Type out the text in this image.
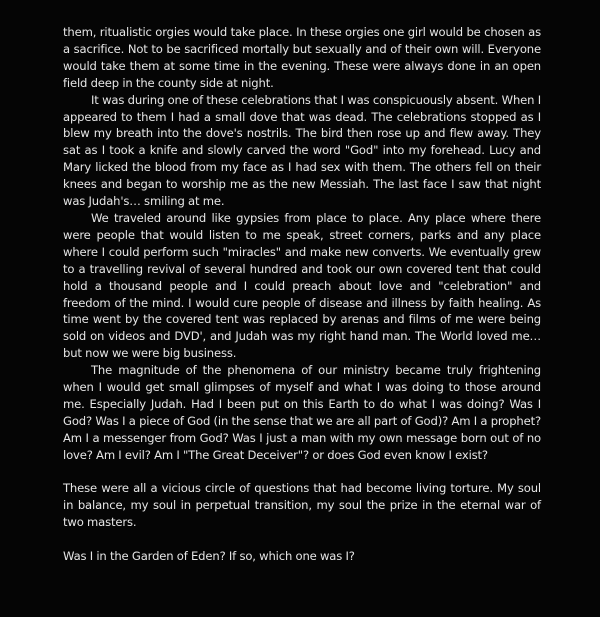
them, ritualistic orgies would take place. In these orgies one girl would be chosen as a sacrifice. Not to be sacrificed mortally but sexually and of their own will. Everyone would take them at some time in the evening. These were always done in an open field deep in the county side at night.

It was during one of these celebrations that I was conspicuously absent. When I appeared to them I had a small dove that was dead. The celebrations stopped as I blew my breath into the dove's nostrils. The bird then rose up and flew away. They sat as I took a knife and slowly carved the word "God" into my forehead. Lucy and Mary licked the blood from my face as I had sex with them. The others fell on their knees and began to worship me as the new Messiah. The last face I saw that night was Judah's… smiling at me.

We traveled around like gypsies from place to place. Any place where there were people that would listen to me speak, street corners, parks and any place where I could perform such "miracles" and make new converts. We eventually grew to a travelling revival of several hundred and took our own covered tent that could hold a thousand people and I could preach about love and "celebration" and freedom of the mind. I would cure people of disease and illness by faith healing. As time went by the covered tent was replaced by arenas and films of me were being sold on videos and DVD', and Judah was my right hand man. The World loved me… but now we were big business.

The magnitude of the phenomena of our ministry became truly frightening when I would get small glimpses of myself and what I was doing to those around me. Especially Judah. Had I been put on this Earth to do what I was doing? Was I God? Was I a piece of God (in the sense that we are all part of God)? Am I a prophet? Am I a messenger from God? Was I just a man with my own message born out of no love? Am I evil? Am I "The Great Deceiver"? or does God even know I exist?

These were all a vicious circle of questions that had become living torture. My soul in balance, my soul in perpetual transition, my soul the prize in the eternal war of two masters.

Was I in the Garden of Eden? If so, which one was I?
